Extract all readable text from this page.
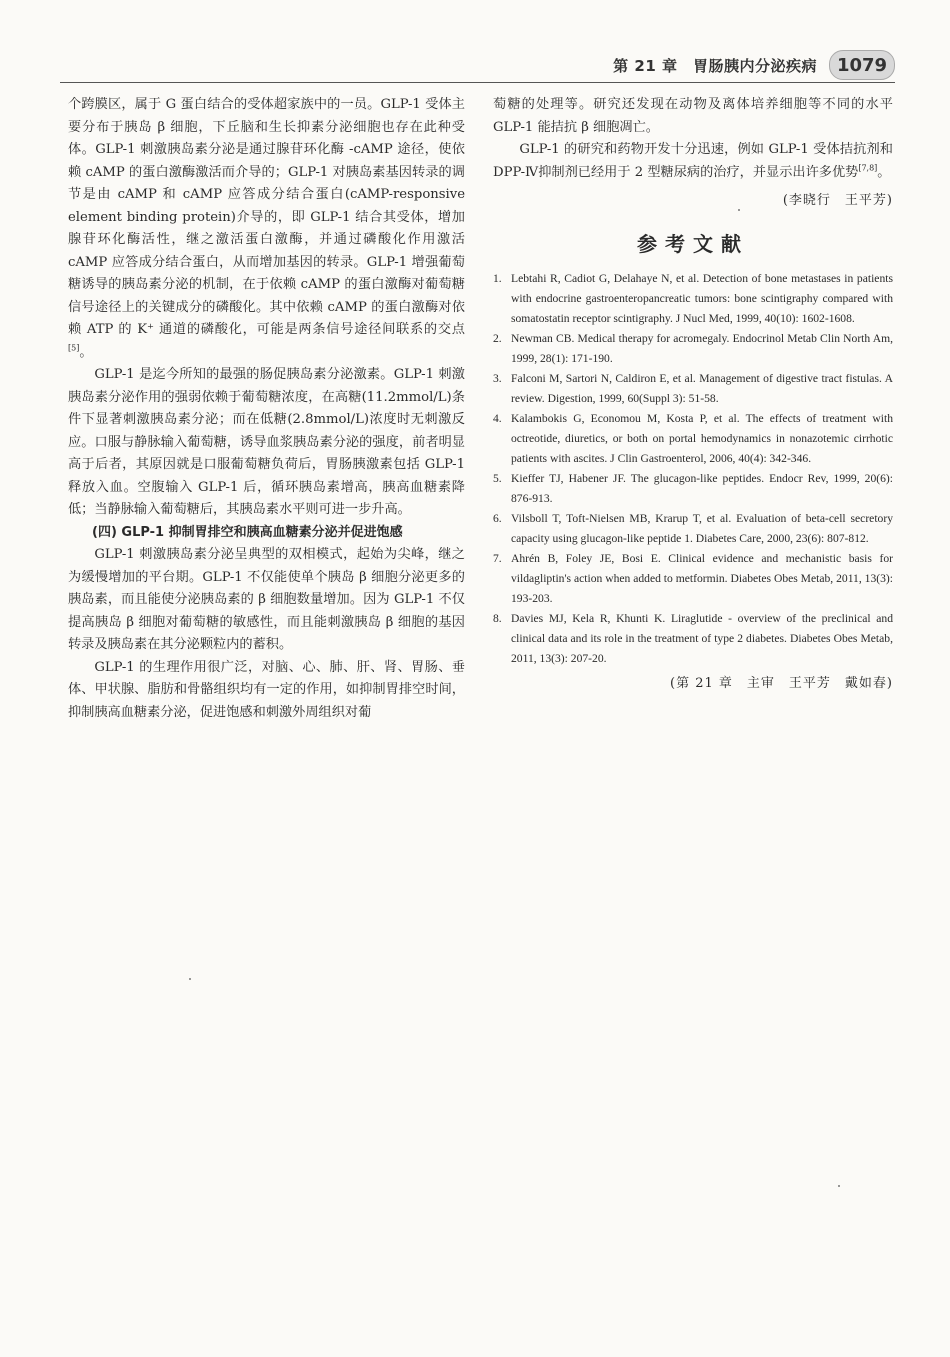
第 21 章　胃肠胰内分泌疾病	1079

个跨膜区，属于 G 蛋白结合的受体超家族中的一员。GLP-1 受体主要分布于胰岛 β 细胞，下丘脑和生长抑素分泌细胞也存在此种受体。GLP-1 刺激胰岛素分泌是通过腺苷环化酶 -cAMP 途径，使依赖 cAMP 的蛋白激酶激活而介导的；GLP-1 对胰岛素基因转录的调节是由 cAMP 和 cAMP 应答成分结合蛋白(cAMP-responsive element binding protein)介导的，即 GLP-1 结合其受体，增加腺苷环化酶活性，继之激活蛋白激酶，并通过磷酸化作用激活 cAMP 应答成分结合蛋白，从而增加基因的转录。GLP-1 增强葡萄糖诱导的胰岛素分泌的机制，在于依赖 cAMP 的蛋白激酶对葡萄糖信号途径上的关键成分的磷酸化。其中依赖 cAMP 的蛋白激酶对依赖 ATP 的 K⁺ 通道的磷酸化，可能是两条信号途径间联系的交点[5]。

GLP-1 是迄今所知的最强的肠促胰岛素分泌激素。GLP-1 刺激胰岛素分泌作用的强弱依赖于葡萄糖浓度，在高糖(11.2mmol/L)条件下显著刺激胰岛素分泌；而在低糖(2.8mmol/L)浓度时无刺激反应。口服与静脉输入葡萄糖，诱导血浆胰岛素分泌的强度，前者明显高于后者，其原因就是口服葡萄糖负荷后，胃肠胰激素包括 GLP-1 释放入血。空腹输入 GLP-1 后，循环胰岛素增高，胰高血糖素降低；当静脉输入葡萄糖后，其胰岛素水平则可进一步升高。

(四) GLP-1 抑制胃排空和胰高血糖素分泌并促进饱感

GLP-1 刺激胰岛素分泌呈典型的双相模式，起始为尖峰，继之为缓慢增加的平台期。GLP-1 不仅能使单个胰岛 β 细胞分泌更多的胰岛素，而且能使分泌胰岛素的 β 细胞数量增加。因为 GLP-1 不仅提高胰岛 β 细胞对葡萄糖的敏感性，而且能刺激胰岛 β 细胞的基因转录及胰岛素在其分泌颗粒内的蓄积。

GLP-1 的生理作用很广泛，对脑、心、肺、肝、肾、胃肠、垂体、甲状腺、脂肪和骨骼组织均有一定的作用，如抑制胃排空时间，抑制胰高血糖素分泌，促进饱感和刺激外周组织对葡

萄糖的处理等。研究还发现在动物及离体培养细胞等不同的水平 GLP-1 能拮抗 β 细胞凋亡。

GLP-1 的研究和药物开发十分迅速，例如 GLP-1 受体拮抗剂和 DPP-Ⅳ抑制剂已经用于 2 型糖尿病的治疗，并显示出许多优势[7,8]。

(李晓行　王平芳)
参考文献
1. Lebtahi R, Cadiot G, Delahaye N, et al. Detection of bone metastases in patients with endocrine gastroenteropancreatic tumors: bone scintigraphy compared with somatostatin receptor scintigraphy. J Nucl Med, 1999, 40(10): 1602-1608.
2. Newman CB. Medical therapy for acromegaly. Endocrinol Metab Clin North Am, 1999, 28(1): 171-190.
3. Falconi M, Sartori N, Caldiron E, et al. Management of digestive tract fistulas. A review. Digestion, 1999, 60(Suppl 3): 51-58.
4. Kalambokis G, Economou M, Kosta P, et al. The effects of treatment with octreotide, diuretics, or both on portal hemodynamics in nonazotemic cirrhotic patients with ascites. J Clin Gastroenterol, 2006, 40(4): 342-346.
5. Kieffer TJ, Habener JF. The glucagon-like peptides. Endocr Rev, 1999, 20(6): 876-913.
6. Vilsboll T, Toft-Nielsen MB, Krarup T, et al. Evaluation of beta-cell secretory capacity using glucagon-like peptide 1. Diabetes Care, 2000, 23(6): 807-812.
7. Ahrén B, Foley JE, Bosi E. Clinical evidence and mechanistic basis for vildagliptin's action when added to metformin. Diabetes Obes Metab, 2011, 13(3): 193-203.
8. Davies MJ, Kela R, Khunti K. Liraglutide - overview of the preclinical and clinical data and its role in the treatment of type 2 diabetes. Diabetes Obes Metab, 2011, 13(3): 207-20.
(第 21 章　主审　王平芳　戴如春)
